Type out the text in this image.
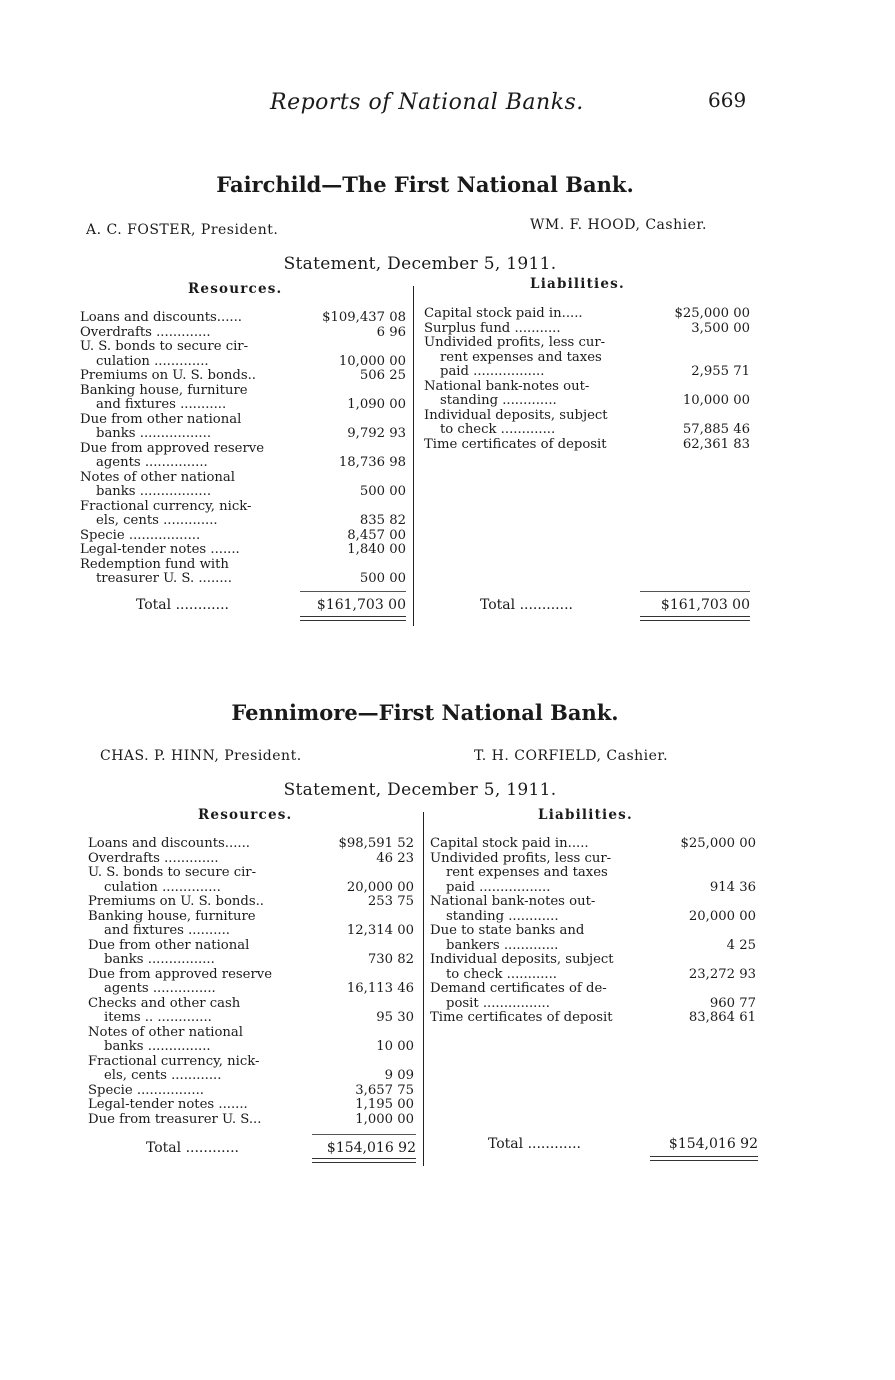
Reports of National Banks.	669
Fairchild—The First National Bank.
A. C. FOSTER, President.	WM. F. HOOD, Cashier.
Statement, December 5, 1911.
Resources.	Liabilities.
Loans and discounts......	$109,437 08
Overdrafts .............	6 96
U. S. bonds to secure cir-
culation .............	10,000 00
Premiums on U. S. bonds..	506 25
Banking house, furniture
and fixtures ...........	1,090 00
Due from other national
banks .................	9,792 93
Due from approved reserve
agents ...............	18,736 98
Notes of other national
banks .................	500 00
Fractional currency, nick-
els, cents .............	835 82
Specie .................	8,457 00
Legal-tender notes .......	1,840 00
Redemption fund with
treasurer U. S. ........	500 00
Capital stock paid in.....	$25,000 00
Surplus fund ...........	3,500 00
Undivided profits, less cur-
rent expenses and taxes
paid .................	2,955 71
National bank-notes out-
standing .............	10,000 00
Individual deposits, subject
to check .............	57,885 46
Time certificates of deposit	62,361 83
Total ............	$161,703 00	Total ............	$161,703 00
Fennimore—First National Bank.
CHAS. P. HINN, President.	T. H. CORFIELD, Cashier.
Statement, December 5, 1911.
Resources.	Liabilities.
Loans and discounts......	$98,591 52
Overdrafts .............	46 23
U. S. bonds to secure cir-
culation ..............	20,000 00
Premiums on U. S. bonds..	253 75
Banking house, furniture
and fixtures ..........	12,314 00
Due from other national
banks ................	730 82
Due from approved reserve
agents ...............	16,113 46
Checks and other cash
items .. .............	95 30
Notes of other national
banks ...............	10 00
Fractional currency, nick-
els, cents ............	9 09
Specie ................	3,657 75
Legal-tender notes .......	1,195 00
Due from treasurer U. S...	1,000 00
Capital stock paid in.....	$25,000 00
Undivided profits, less cur-
rent expenses and taxes
paid .................	914 36
National bank-notes out-
standing ............	20,000 00
Due to state banks and
bankers .............	4 25
Individual deposits, subject
to check ............	23,272 93
Demand certificates of de-
posit ................	960 77
Time certificates of deposit	83,864 61
Total ............	$154,016 92	Total ............	$154,016 92
